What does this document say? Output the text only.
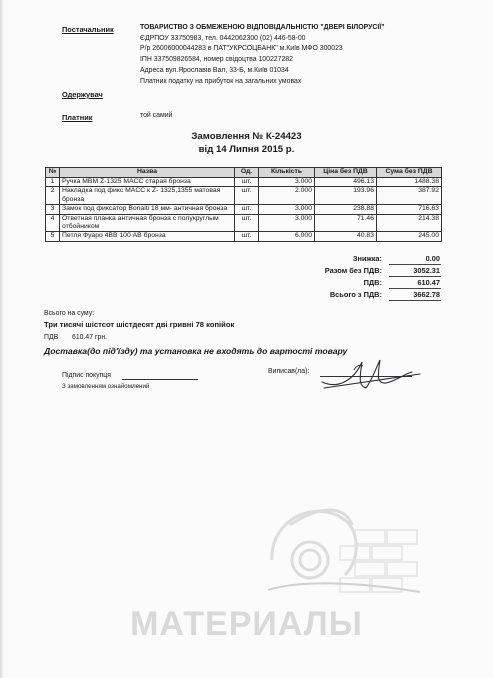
Постачальник	ТОВАРИСТВО З ОБМЕЖЕНОЮ ВІДПОВІДАЛЬНІСТЮ "ДВЕРІ БІЛОРУСІЇ"
ЄДРПОУ 33750983, тел. 0442062300 (02) 446-58-00
Р/р 26006000044283 в ПАТ"УКРСОЦБАНК" м.Київ МФО 300023
ІПН 337509826584, номер свідоцтва 100227282
Адреса вул.Ярославів Вал, 33-Б, м.Київ 01034
Платник податку на прибуток на загальних умовах
Одержувач
Платник	той самий
Замовлення № К-24423
від 14 Липня 2015 р.
№	Назва	Од.	Кількість	Ціна без ПДВ	Сума без ПДВ
1	Ручка MBM Z-1325 MACC старая бронза	шт.	3.000	496.13	1488.38
2	Накладка под фикс MACC к Z- 1325,1355 матовая бронза	шт.	2.000	193.96	387.92
3	Замок под фиксатор Bonaiti 18 мм- античная бронза	шт.	3.000	238.88	716.63
4	Ответная планка античная бронза с полукруглым отбойником	шт.	3.000	71.46	214.38
5	Петля Фуаро 4ВВ 100 АВ бронза	шт.	6.000	40.83	245.00
Знижка:	0.00
Разом без ПДВ:	3052.31
ПДВ:	610.47
Всього з ПДВ:	3662.78
Всього на суму:
Три тисячі шістсот шістдесят дві гривні 78 копійок
ПДВ 610.47 грн.
Доставка(до під'їзду) та установка не входять до вартості товару
Підпис покупця
З замовленням ознайомлений
Виписав(ла):
МАТЕРИАЛЫ
